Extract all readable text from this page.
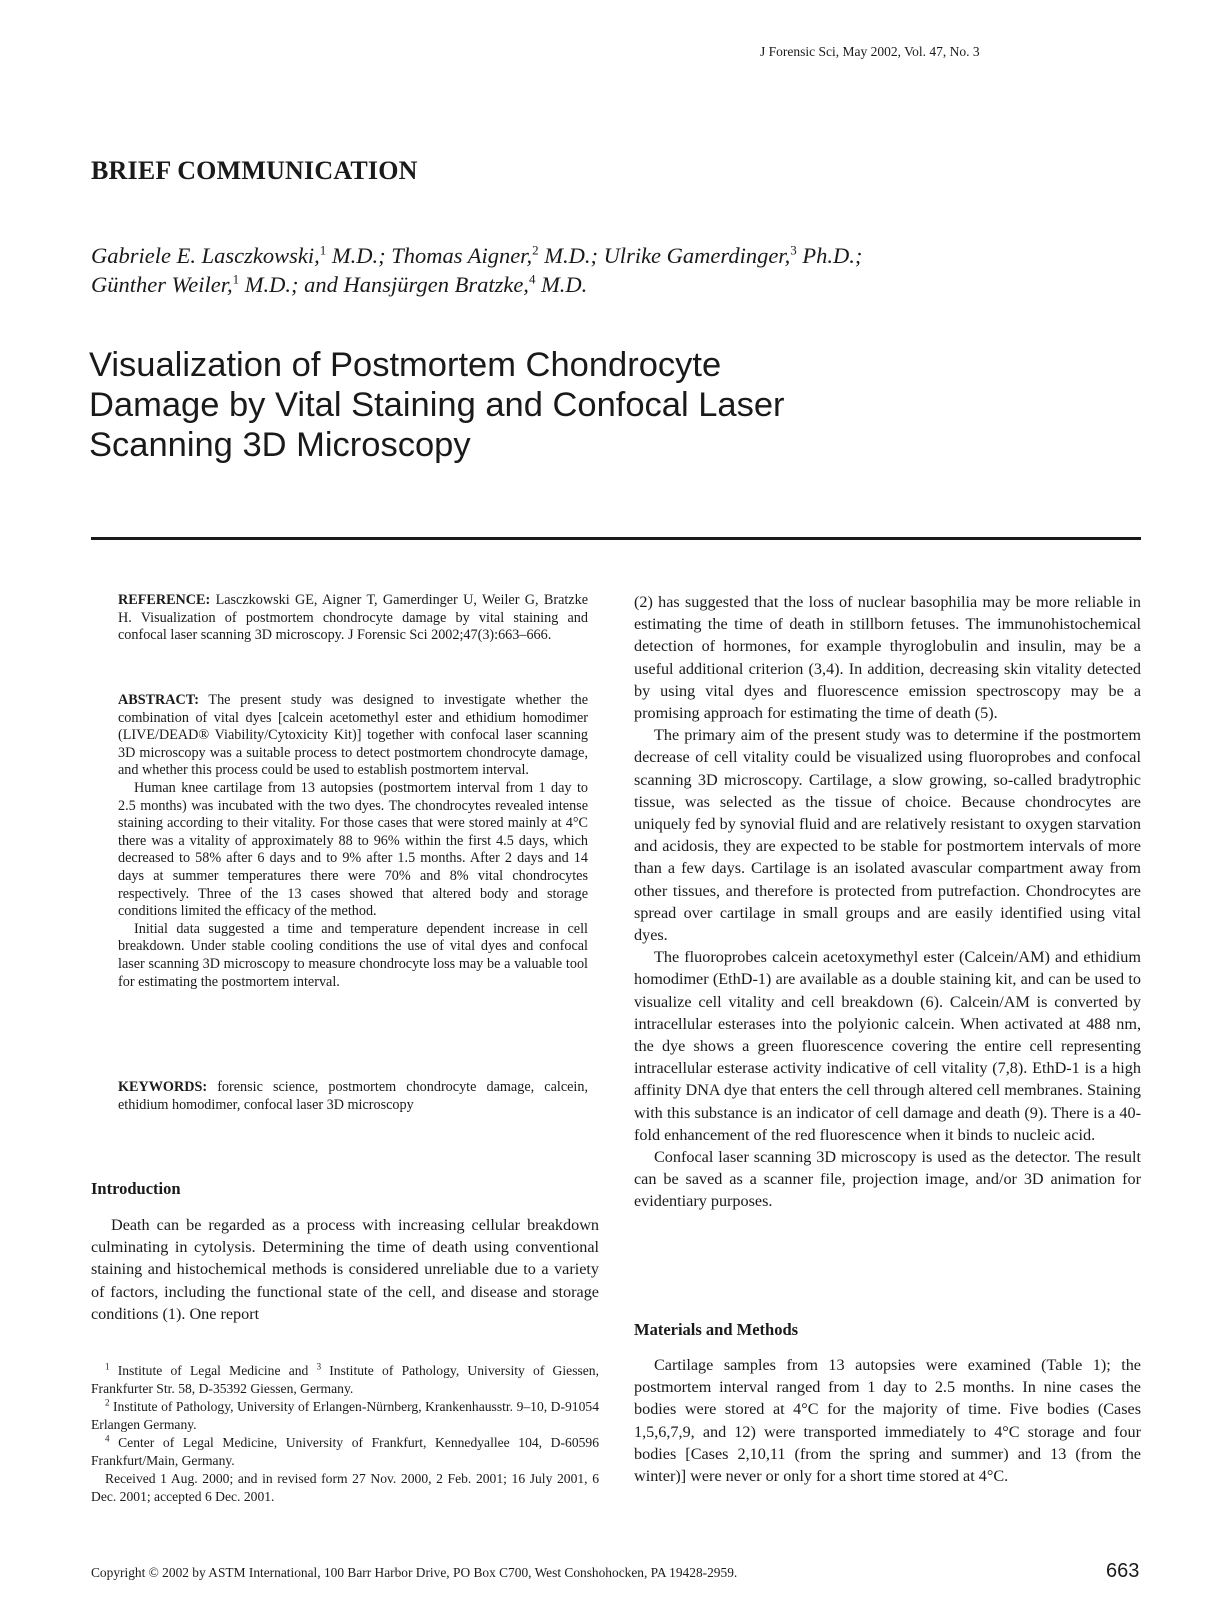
J Forensic Sci, May 2002, Vol. 47, No. 3
BRIEF COMMUNICATION
Gabriele E. Lasczkowski,$^1$ M.D.; Thomas Aigner,$^2$ M.D.; Ulrike Gamerdinger,$^3$ Ph.D.;
Günther Weiler,$^1$ M.D.; and Hansjürgen Bratzke,$^4$ M.D.
Visualization of Postmortem Chondrocyte
Damage by Vital Staining and Confocal Laser
Scanning 3D Microscopy

REFERENCE: Lasczkowski GE, Aigner T, Gamerdinger U, Weiler G, Bratzke H. Visualization of postmortem chondrocyte damage by vital staining and confocal laser scanning 3D microscopy. J Forensic Sci 2002;47(3):663–666.

ABSTRACT: The present study was designed to investigate whether the combination of vital dyes [calcein acetomethyl ester and ethidium homodimer (LIVE/DEAD® Viability/Cytoxicity Kit)] together with confocal laser scanning 3D microscopy was a suitable process to detect postmortem chondrocyte damage, and whether this process could be used to establish postmortem interval.

Human knee cartilage from 13 autopsies (postmortem interval from 1 day to 2.5 months) was incubated with the two dyes. The chondrocytes revealed intense staining according to their vitality. For those cases that were stored mainly at 4°C there was a vitality of approximately 88 to 96% within the first 4.5 days, which decreased to 58% after 6 days and to 9% after 1.5 months. After 2 days and 14 days at summer temperatures there were 70% and 8% vital chondrocytes respectively. Three of the 13 cases showed that altered body and storage conditions limited the efficacy of the method.

Initial data suggested a time and temperature dependent increase in cell breakdown. Under stable cooling conditions the use of vital dyes and confocal laser scanning 3D microscopy to measure chondrocyte loss may be a valuable tool for estimating the postmortem interval.

KEYWORDS: forensic science, postmortem chondrocyte damage, calcein, ethidium homodimer, confocal laser 3D microscopy

Introduction

Death can be regarded as a process with increasing cellular breakdown culminating in cytolysis. Determining the time of death using conventional staining and histochemical methods is considered unreliable due to a variety of factors, including the functional state of the cell, and disease and storage conditions (1). One report

$^1$ Institute of Legal Medicine and $^3$ Institute of Pathology, University of Giessen, Frankfurter Str. 58, D-35392 Giessen, Germany.

$^2$ Institute of Pathology, University of Erlangen-Nürnberg, Krankenhausstr. 9–10, D-91054 Erlangen Germany.

$^4$ Center of Legal Medicine, University of Frankfurt, Kennedyallee 104, D-60596 Frankfurt/Main, Germany.

Received 1 Aug. 2000; and in revised form 27 Nov. 2000, 2 Feb. 2001; 16 July 2001, 6 Dec. 2001; accepted 6 Dec. 2001.

(2) has suggested that the loss of nuclear basophilia may be more reliable in estimating the time of death in stillborn fetuses. The immunohistochemical detection of hormones, for example thyroglobulin and insulin, may be a useful additional criterion (3,4). In addition, decreasing skin vitality detected by using vital dyes and fluorescence emission spectroscopy may be a promising approach for estimating the time of death (5).

The primary aim of the present study was to determine if the postmortem decrease of cell vitality could be visualized using fluoroprobes and confocal scanning 3D microscopy. Cartilage, a slow growing, so-called bradytrophic tissue, was selected as the tissue of choice. Because chondrocytes are uniquely fed by synovial fluid and are relatively resistant to oxygen starvation and acidosis, they are expected to be stable for postmortem intervals of more than a few days. Cartilage is an isolated avascular compartment away from other tissues, and therefore is protected from putrefaction. Chondrocytes are spread over cartilage in small groups and are easily identified using vital dyes.

The fluoroprobes calcein acetoxymethyl ester (Calcein/AM) and ethidium homodimer (EthD-1) are available as a double staining kit, and can be used to visualize cell vitality and cell breakdown (6). Calcein/AM is converted by intracellular esterases into the polyionic calcein. When activated at 488 nm, the dye shows a green fluorescence covering the entire cell representing intracellular esterase activity indicative of cell vitality (7,8). EthD-1 is a high affinity DNA dye that enters the cell through altered cell membranes. Staining with this substance is an indicator of cell damage and death (9). There is a 40-fold enhancement of the red fluorescence when it binds to nucleic acid.

Confocal laser scanning 3D microscopy is used as the detector. The result can be saved as a scanner file, projection image, and/or 3D animation for evidentiary purposes.

Materials and Methods

Cartilage samples from 13 autopsies were examined (Table 1); the postmortem interval ranged from 1 day to 2.5 months. In nine cases the bodies were stored at 4°C for the majority of time. Five bodies (Cases 1,5,6,7,9, and 12) were transported immediately to 4°C storage and four bodies [Cases 2,10,11 (from the spring and summer) and 13 (from the winter)] were never or only for a short time stored at 4°C.

Copyright © 2002 by ASTM International, 100 Barr Harbor Drive, PO Box C700, West Conshohocken, PA 19428-2959.	663
